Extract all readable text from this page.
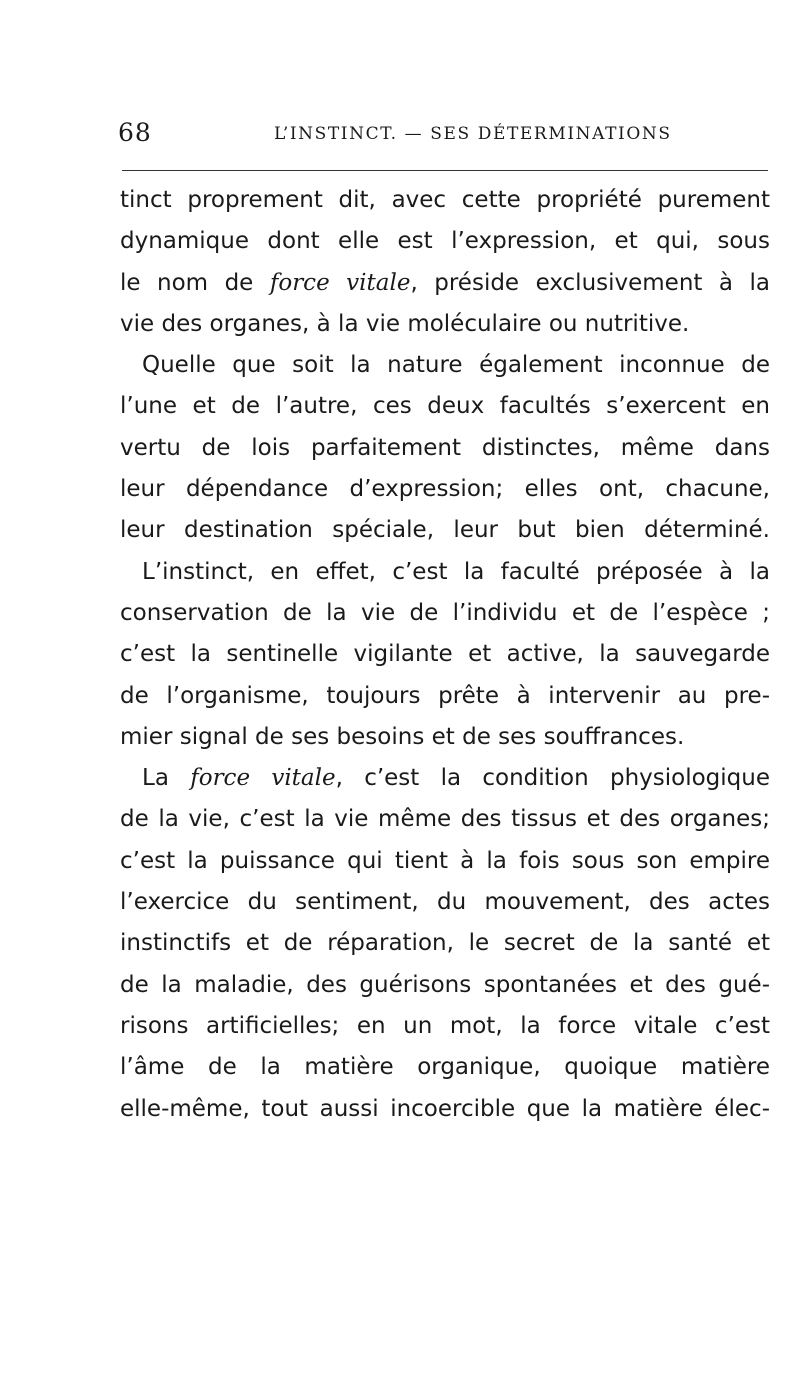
68	L’INSTINCT. — SES DÉTERMINATIONS
tinct proprement dit, avec cette propriété purement
dynamique dont elle est l’expression, et qui, sous
le nom de force vitale, préside exclusivement à la
vie des organes, à la vie moléculaire ou nutritive.
Quelle que soit la nature également inconnue de
l’une et de l’autre, ces deux facultés s’exercent en
vertu de lois parfaitement distinctes, même dans
leur dépendance d’expression; elles ont, chacune,
leur destination spéciale, leur but bien déterminé.
L’instinct, en effet, c’est la faculté préposée à la
conservation de la vie de l’individu et de l’espèce ;
c’est la sentinelle vigilante et active, la sauvegarde
de l’organisme, toujours prête à intervenir au pre-
mier signal de ses besoins et de ses souffrances.
La force vitale, c’est la condition physiologique
de la vie, c’est la vie même des tissus et des organes;
c’est la puissance qui tient à la fois sous son empire
l’exercice du sentiment, du mouvement, des actes
instinctifs et de réparation, le secret de la santé et
de la maladie, des guérisons spontanées et des gué-
risons artificielles; en un mot, la force vitale c’est
l’âme de la matière organique, quoique matière
elle-même, tout aussi incoercible que la matière élec-
